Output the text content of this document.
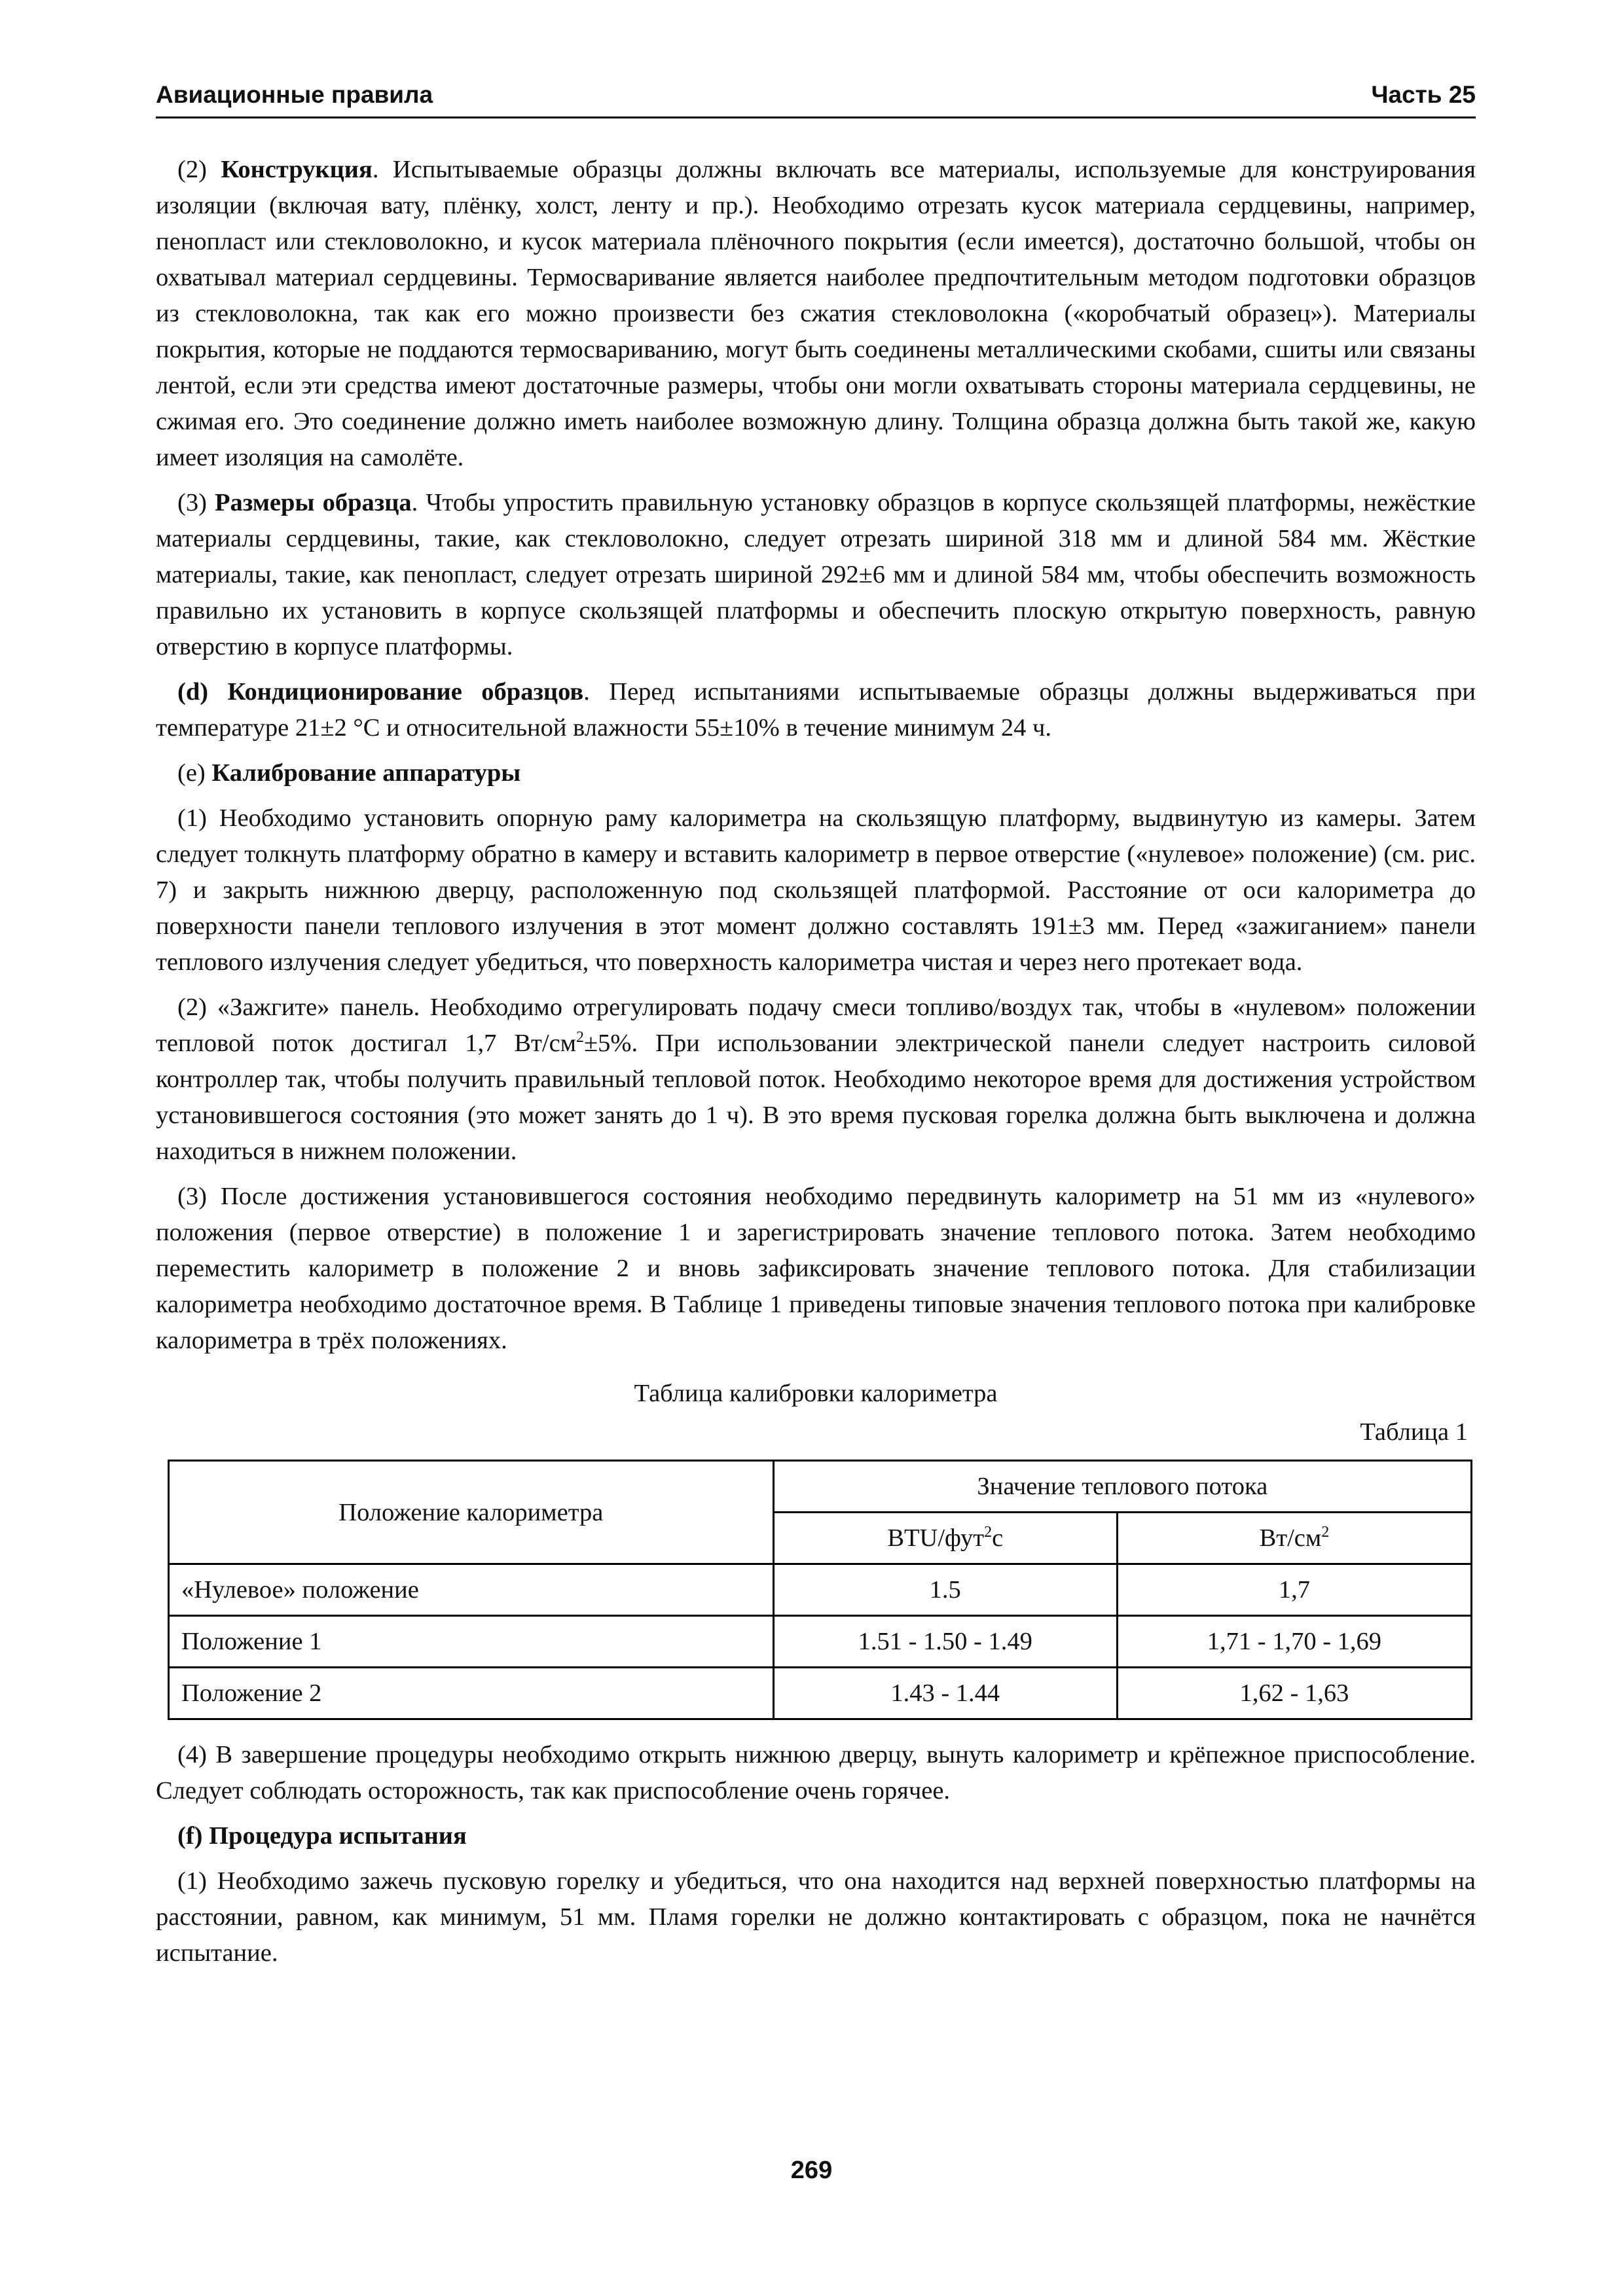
Авиационные правила	Часть 25

(2) Конструкция. Испытываемые образцы должны включать все материалы, используемые для конструирования изоляции (включая вату, плёнку, холст, ленту и пр.). Необходимо отрезать кусок материала сердцевины, например, пенопласт или стекловолокно, и кусок материала плёночного покрытия (если имеется), достаточно большой, чтобы он охватывал материал сердцевины. Термосваривание является наиболее предпочтительным методом подготовки образцов из стекловолокна, так как его можно произвести без сжатия стекловолокна («коробчатый образец»). Материалы покрытия, которые не поддаются термосвариванию, могут быть соединены металлическими скобами, сшиты или связаны лентой, если эти средства имеют достаточные размеры, чтобы они могли охватывать стороны материала сердцевины, не сжимая его. Это соединение должно иметь наиболее возможную длину. Толщина образца должна быть такой же, какую имеет изоляция на самолёте.

(3) Размеры образца. Чтобы упростить правильную установку образцов в корпусе скользящей платформы, нежёсткие материалы сердцевины, такие, как стекловолокно, следует отрезать шириной 318 мм и длиной 584 мм. Жёсткие материалы, такие, как пенопласт, следует отрезать шириной 292±6 мм и длиной 584 мм, чтобы обеспечить возможность правильно их установить в корпусе скользящей платформы и обеспечить плоскую открытую поверхность, равную отверстию в корпусе платформы.

(d) Кондиционирование образцов. Перед испытаниями испытываемые образцы должны выдерживаться при температуре 21±2 °С и относительной влажности 55±10% в течение минимум 24 ч.

(е) Калибрование аппаратуры

(1) Необходимо установить опорную раму калориметра на скользящую платформу, выдвинутую из камеры. Затем следует толкнуть платформу обратно в камеру и вставить калориметр в первое отверстие («нулевое» положение) (см. рис. 7) и закрыть нижнюю дверцу, расположенную под скользящей платформой. Расстояние от оси калориметра до поверхности панели теплового излучения в этот момент должно составлять 191±3 мм. Перед «зажиганием» панели теплового излучения следует убедиться, что поверхность калориметра чистая и через него протекает вода.

(2) «Зажгите» панель. Необходимо отрегулировать подачу смеси топливо/воздух так, чтобы в «нулевом» положении тепловой поток достигал 1,7 $Вт/см^2\pm 5\%$. При использовании электрической панели следует настроить силовой контроллер так, чтобы получить правильный тепловой поток. Необходимо некоторое время для достижения устройством установившегося состояния (это может занять до 1 ч). В это время пусковая горелка должна быть выключена и должна находиться в нижнем положении.

(3) После достижения установившегося состояния необходимо передвинуть калориметр на 51 мм из «нулевого» положения (первое отверстие) в положение 1 и зарегистрировать значение теплового потока. Затем необходимо переместить калориметр в положение 2 и вновь зафиксировать значение теплового потока. Для стабилизации калориметра необходимо достаточное время. В Таблице 1 приведены типовые значения теплового потока при калибровке калориметра в трёх положениях.

Таблица калибровки калориметра
Таблица 1
Положение калориметра	Значение теплового потока	
	BTU/фут$^2$с	$Вт/см^2$
«Нулевое» положение	1.5	1,7
Положение 1	1.51 - 1.50 - 1.49	1,71 - 1,70 - 1,69
Положение 2	1.43 - 1.44	1,62 - 1,63

(4) В завершение процедуры необходимо открыть нижнюю дверцу, вынуть калориметр и крёпежное приспособление. Следует соблюдать осторожность, так как приспособление очень горячее.

(f) Процедура испытания

(1) Необходимо зажечь пусковую горелку и убедиться, что она находится над верхней поверхностью платформы на расстоянии, равном, как минимум, 51 мм. Пламя горелки не должно контактировать с образцом, пока не начнётся испытание.

269
